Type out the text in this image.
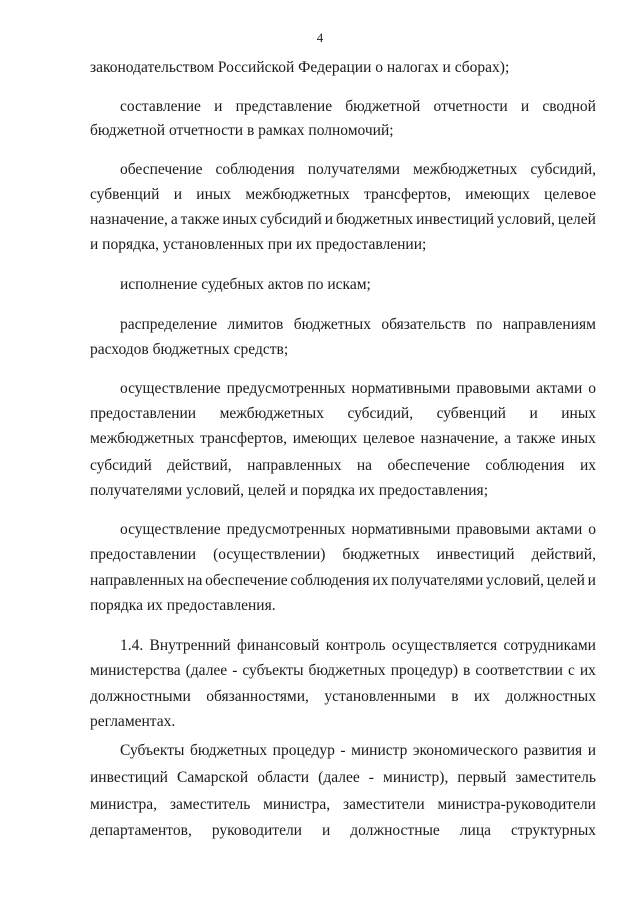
4
законодательством Российской Федерации о налогах и сборах);
составление и представление бюджетной отчетности и сводной
бюджетной отчетности в рамках полномочий;
обеспечение соблюдения получателями межбюджетных субсидий,
субвенций и иных межбюджетных трансфертов, имеющих целевое
назначение, а также иных субсидий и бюджетных инвестиций условий, целей
и порядка, установленных при их предоставлении;
исполнение судебных актов по искам;
распределение лимитов бюджетных обязательств по направлениям
расходов бюджетных средств;
осуществление предусмотренных нормативными правовыми актами о
предоставлении межбюджетных субсидий, субвенций и иных
межбюджетных трансфертов, имеющих целевое назначение, а также иных
субсидий действий, направленных на обеспечение соблюдения их
получателями условий, целей и порядка их предоставления;
осуществление предусмотренных нормативными правовыми актами о
предоставлении (осуществлении) бюджетных инвестиций действий,
направленных на обеспечение соблюдения их получателями условий, целей и
порядка их предоставления.
1.4. Внутренний финансовый контроль осуществляется сотрудниками
министерства (далее - субъекты бюджетных процедур) в соответствии с их
должностными обязанностями, установленными в их должностных
регламентах.
Субъекты бюджетных процедур - министр экономического развития и
инвестиций Самарской области (далее - министр), первый заместитель
министра, заместитель министра, заместители министра-руководители
департаментов, руководители и должностные лица структурных
